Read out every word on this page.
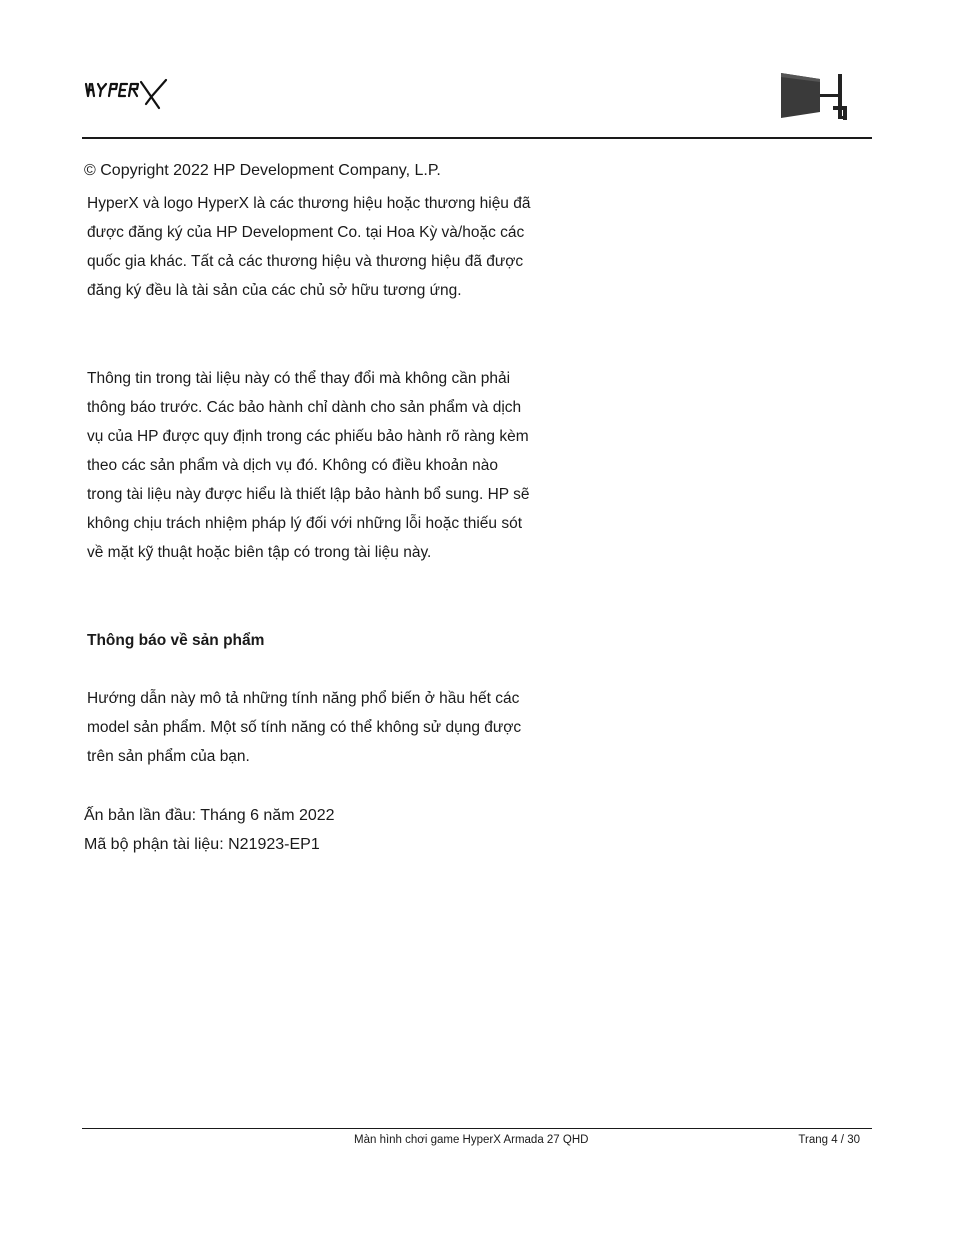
© Copyright 2022 HP Development Company, L.P.

HyperX và logo HyperX là các thương hiệu hoặc thương hiệu đã được đăng ký của HP Development Co. tại Hoa Kỳ và/hoặc các quốc gia khác. Tất cả các thương hiệu và thương hiệu đã được đăng ký đều là tài sản của các chủ sở hữu tương ứng.

Thông tin trong tài liệu này có thể thay đổi mà không cần phải thông báo trước. Các bảo hành chỉ dành cho sản phẩm và dịch vụ của HP được quy định trong các phiếu bảo hành rõ ràng kèm theo các sản phẩm và dịch vụ đó. Không có điều khoản nào trong tài liệu này được hiểu là thiết lập bảo hành bổ sung. HP sẽ không chịu trách nhiệm pháp lý đối với những lỗi hoặc thiếu sót về mặt kỹ thuật hoặc biên tập có trong tài liệu này.

Thông báo về sản phẩm

Hướng dẫn này mô tả những tính năng phổ biến ở hầu hết các model sản phẩm. Một số tính năng có thể không sử dụng được trên sản phẩm của bạn.

Ấn bản lần đầu: Tháng 6 năm 2022
Mã bộ phận tài liệu: N21923-EP1
Màn hình chơi game HyperX Armada 27 QHD	Trang 4 / 30
